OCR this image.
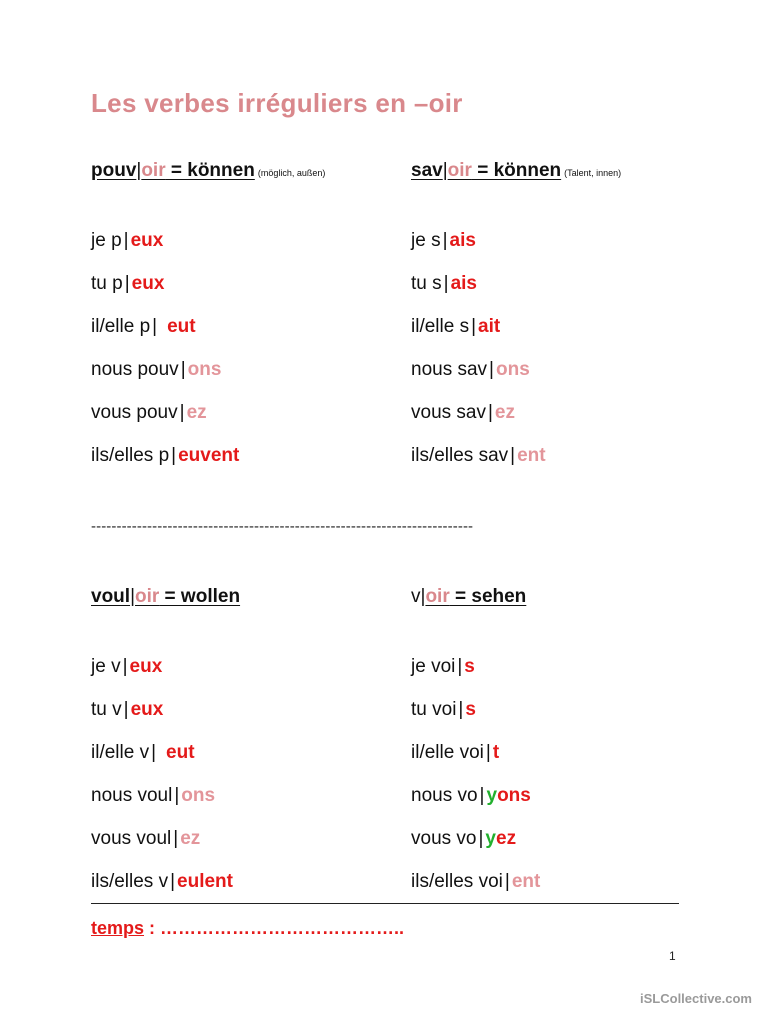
Les verbes irréguliers en –oir
pouv|oir = können (möglich, außen)
je p | eux
tu p | eux
il/elle p | eut
nous pouv | ons
vous pouv | ez
ils/elles p | euvent
sav|oir = können (Talent, innen)
je s | ais
tu s | ais
il/elle s | ait
nous sav | ons
vous sav | ez
ils/elles sav | ent
voul|oir = wollen
je v | eux
tu v | eux
il/elle v | eut
nous voul | ons
vous voul | ez
ils/elles v | eulent
v|oir = sehen
je voi | s
tu voi | s
il/elle voi | t
nous vo | yons
vous vo | yez
ils/elles voi | ent
---------------------------------------------------------------------------
temps : …………………………………..
1
iSLCollective.com
